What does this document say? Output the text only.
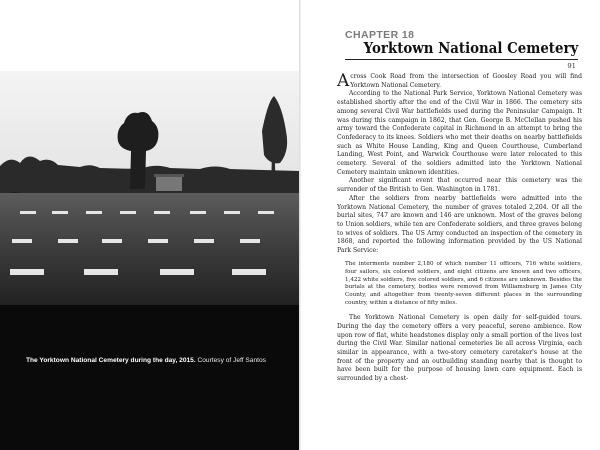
The Yorktown National Cemetery during the day, 2015. Courtesy of Jeff Santos
CHAPTER 18
Yorktown National Cemetery
91

Across Cook Road from the intersection of Goosley Road you will find Yorktown National Cemetery.

According to the National Park Service, Yorktown National Cemetery was established shortly after the end of the Civil War in 1866. The cemetery sits among several Civil War battlefields used during the Peninsular Campaign. It was during this campaign in 1862, that Gen. George B. McClellan pushed his army toward the Confederate capital in Richmond in an attempt to bring the Confederacy to its knees. Soldiers who met their deaths on nearby battlefields such as White House Landing, King and Queen Courthouse, Cumberland Landing, West Point, and Warwick Courthouse were later relocated to this cemetery. Several of the soldiers admitted into the Yorktown National Cemetery maintain unknown identities.

Another significant event that occurred near this cemetery was the surrender of the British to Gen. Washington in 1781.

After the soldiers from nearby battlefields were admitted into the Yorktown National Cemetery, the number of graves totaled 2,204. Of all the burial sites, 747 are known and 146 are unknown. Most of the graves belong to Union soldiers, while ten are Confederate soldiers, and three graves belong to wives of soldiers. The US Army conducted an inspection of the cemetery in 1868, and reported the following information provided by the US National Park Service:

The interments number 2,180 of which number 11 officers, 716 white soldiers, four sailors, six colored soldiers, and eight citizens are known and two officers, 1,422 white soldiers, five colored soldiers, and 6 citizens are unknown. Besides the burials at the cemetery, bodies were removed from Williamsburg in James City County, and altogether from twenty-seven different places in the surrounding country, within a distance of fifty miles.

The Yorktown National Cemetery is open daily for self-guided tours. During the day the cemetery offers a very peaceful, serene ambience. Row upon row of flat, white headstones display only a small portion of the lives lost during the Civil War. Similar national cemeteries lie all across Virginia, each similar in appearance, with a two-story cemetery caretaker's house at the front of the property and an outbuilding standing nearby that is thought to have been built for the purpose of housing lawn care equipment. Each is surrounded by a chest-
